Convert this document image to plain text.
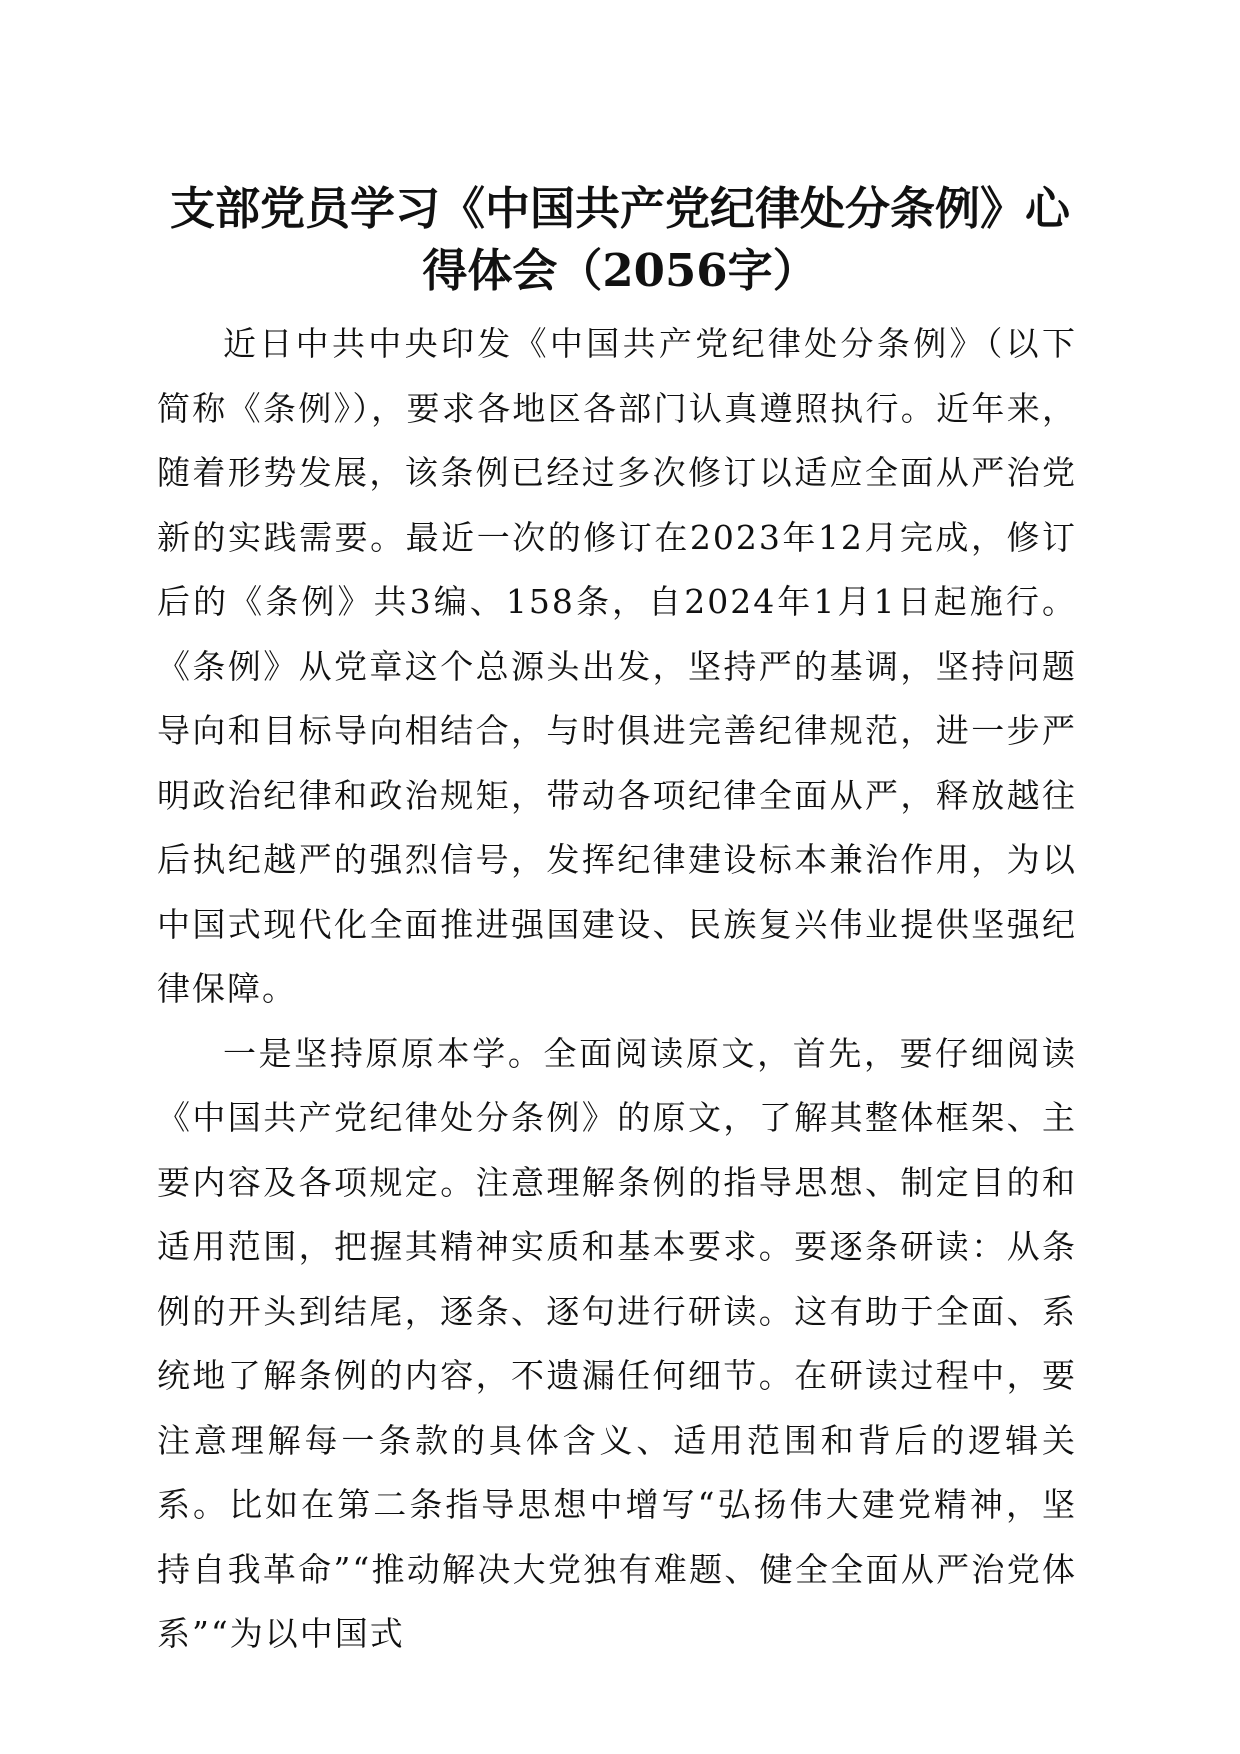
支部党员学习《中国共产党纪律处分条例》心得体会（2056字）

近日中共中央印发《中国共产党纪律处分条例》（以下简称《条例》），要求各地区各部门认真遵照执行。近年来，随着形势发展，该条例已经过多次修订以适应全面从严治党新的实践需要。最近一次的修订在2023年12月完成，修订后的《条例》共3编、158条，自2024年1月1日起施行。《条例》从党章这个总源头出发，坚持严的基调，坚持问题导向和目标导向相结合，与时俱进完善纪律规范，进一步严明政治纪律和政治规矩，带动各项纪律全面从严，释放越往后执纪越严的强烈信号，发挥纪律建设标本兼治作用，为以中国式现代化全面推进强国建设、民族复兴伟业提供坚强纪律保障。

一是坚持原原本学。全面阅读原文，首先，要仔细阅读《中国共产党纪律处分条例》的原文，了解其整体框架、主要内容及各项规定。注意理解条例的指导思想、制定目的和适用范围，把握其精神实质和基本要求。要逐条研读：从条例的开头到结尾，逐条、逐句进行研读。这有助于全面、系统地了解条例的内容，不遗漏任何细节。在研读过程中，要注意理解每一条款的具体含义、适用范围和背后的逻辑关系。比如在第二条指导思想中增写“弘扬伟大建党精神，坚持自我革命”“推动解决大党独有难题、健全全面从严治党体系”“为以中国式
